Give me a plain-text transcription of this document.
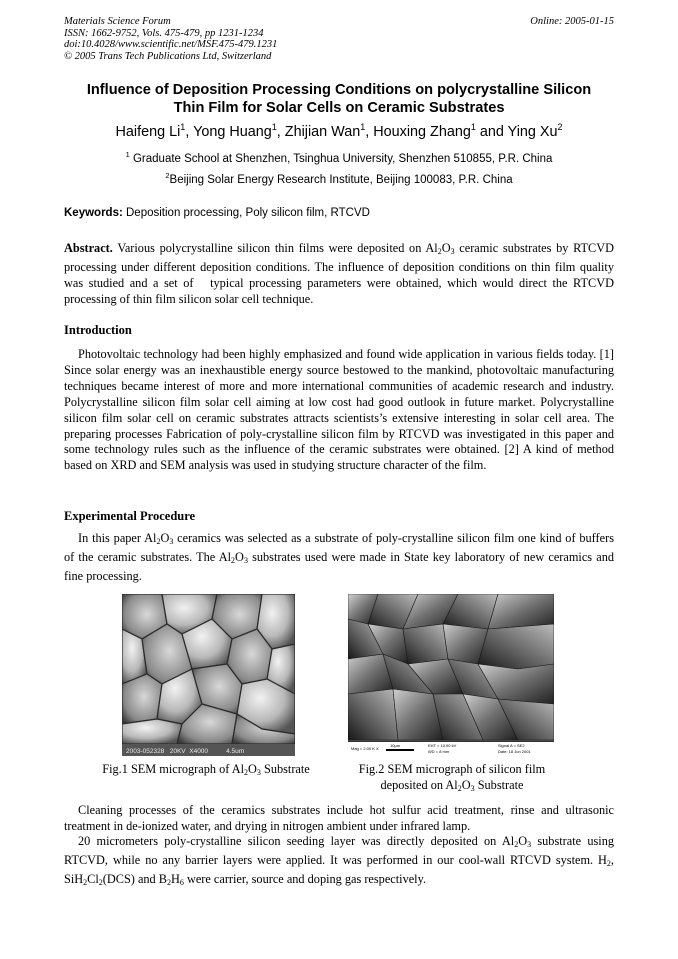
Materials Science Forum
ISSN: 1662-9752, Vols. 475-479, pp 1231-1234
doi:10.4028/www.scientific.net/MSF.475-479.1231
© 2005 Trans Tech Publications Ltd, Switzerland
Online: 2005-01-15
Influence of Deposition Processing Conditions on polycrystalline Silicon
Thin Film for Solar Cells on Ceramic Substrates
Haifeng Li$^1$, Yong Huang$^1$, Zhijian Wan$^1$, Houxing Zhang$^1$ and Ying Xu$^2$
$^1$ Graduate School at Shenzhen, Tsinghua University, Shenzhen 510855, P.R. China
$^2$Beijing Solar Energy Research Institute, Beijing 100083, P.R. China
Keywords: Deposition processing, Poly silicon film, RTCVD
Abstract. Various polycrystalline silicon thin films were deposited on $Al_2O_3$ ceramic substrates by RTCVD processing under different deposition conditions. The influence of deposition conditions on thin film quality was studied and a set of   typical processing parameters were obtained, which would direct the RTCVD processing of thin film silicon solar cell technique.
Introduction
Photovoltaic technology had been highly emphasized and found wide application in various fields today. [1] Since solar energy was an inexhaustible energy source bestowed to the mankind, photovoltaic manufacturing techniques became interest of more and more international communities of academic research and industry. Polycrystalline silicon film solar cell aiming at low cost had good outlook in future market. Polycrystalline silicon film solar cell on ceramic substrates attracts scientists’s extensive interesting in solar cell area. The preparing processes Fabrication of poly-crystalline silicon film by RTCVD was investigated in this paper and some technology rules such as the influence of the ceramic substrates were obtained. [2] A kind of method based on XRD and SEM analysis was used in studying structure character of the film.
Experimental Procedure
In this paper $Al_2O_3$ ceramics was selected as a substrate of poly-crystalline silicon film one kind of buffers of the ceramic substrates. The $Al_2O_3$ substrates used were made in State key laboratory of new ceramics and fine processing.
2003-052328   20KV  X4000          4.5um	Mag = 2.00 K X
10µm	EHT = 10.00 kV
WD = 8 mm
Signal A = SE2
Date: 18 Jun 2001
Fig.1 SEM micrograph of $Al_2O_3$ Substrate	Fig.2 SEM micrograph of silicon film
deposited on $Al_2O_3$ Substrate
Cleaning processes of the ceramics substrates include hot sulfur acid treatment, rinse and ultrasonic treatment in de-ionized water, and drying in nitrogen ambient under infrared lamp.
20 micrometers poly-crystalline silicon seeding layer was directly deposited on $Al_2O_3$ substrate using RTCVD, while no any barrier layers were applied. It was performed in our cool-wall RTCVD system. $H_2$, $SiH_2Cl_2(DCS)$ and $B_2H_6$ were carrier, source and doping gas respectively.
